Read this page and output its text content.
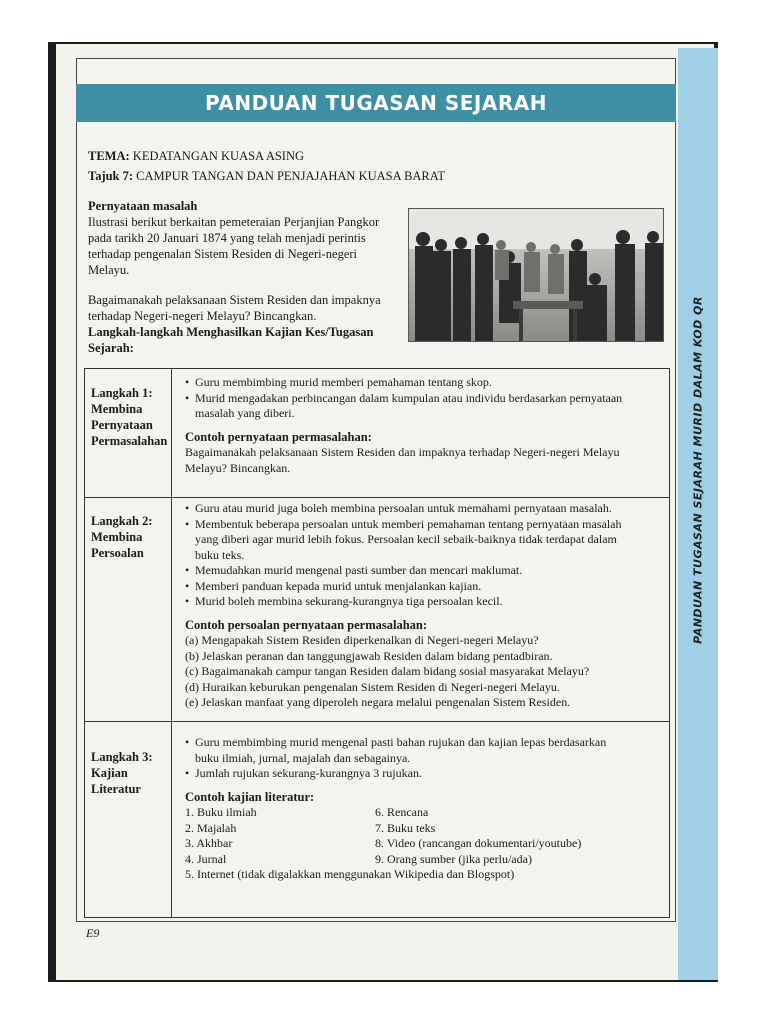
PANDUAN TUGASAN SEJARAH MURID DALAM KOD QR
PANDUAN TUGASAN SEJARAH
TEMA: KEDATANGAN KUASA ASING
Tajuk 7: CAMPUR TANGAN DAN PENJAJAHAN KUASA BARAT
Pernyataan masalah
Ilustrasi berikut berkaitan pemeteraian Perjanjian Pangkor
pada tarikh 20 Januari 1874 yang telah menjadi perintis
terhadap pengenalan Sistem Residen di Negeri-negeri
Melayu.
Bagaimanakah pelaksanaan Sistem Residen dan impaknya
terhadap Negeri-negeri Melayu? Bincangkan.
Langkah-langkah Menghasilkan Kajian Kes/Tugasan
Sejarah:
Langkah 1:
Membina
Pernyataan
Permasalahan
• Guru membimbing murid memberi pemahaman tentang skop.
• Murid mengadakan perbincangan dalam kumpulan atau individu berdasarkan pernyataan
masalah yang diberi.
Contoh pernyataan permasalahan:
Bagaimanakah pelaksanaan Sistem Residen dan impaknya terhadap Negeri-negeri Melayu
Melayu? Bincangkan.
Langkah 2:
Membina
Persoalan
• Guru atau murid juga boleh membina persoalan untuk memahami pernyataan masalah.
• Membentuk beberapa persoalan untuk memberi pemahaman tentang pernyataan masalah
yang diberi agar murid lebih fokus. Persoalan kecil sebaik-baiknya tidak terdapat dalam
buku teks.
• Memudahkan murid mengenal pasti sumber dan mencari maklumat.
• Memberi panduan kepada murid untuk menjalankan kajian.
• Murid boleh membina sekurang-kurangnya tiga persoalan kecil.
Contoh persoalan pernyataan permasalahan:
(a) Mengapakah Sistem Residen diperkenalkan di Negeri-negeri Melayu?
(b) Jelaskan peranan dan tanggungjawab Residen dalam bidang pentadbiran.
(c) Bagaimanakah campur tangan Residen dalam bidang sosial masyarakat Melayu?
(d) Huraikan keburukan pengenalan Sistem Residen di Negeri-negeri Melayu.
(e) Jelaskan manfaat yang diperoleh negara melalui pengenalan Sistem Residen.
Langkah 3:
Kajian
Literatur
• Guru membimbing murid mengenal pasti bahan rujukan dan kajian lepas berdasarkan
buku ilmiah, jurnal, majalah dan sebagainya.
• Jumlah rujukan sekurang-kurangnya 3 rujukan.
Contoh kajian literatur:
1. Buku ilmiah	6. Rencana
2. Majalah	7. Buku teks
3. Akhbar	8. Video (rancangan dokumentari/youtube)
4. Jurnal	9. Orang sumber (jika perlu/ada)
5. Internet (tidak digalakkan menggunakan Wikipedia dan Blogspot)
E9
